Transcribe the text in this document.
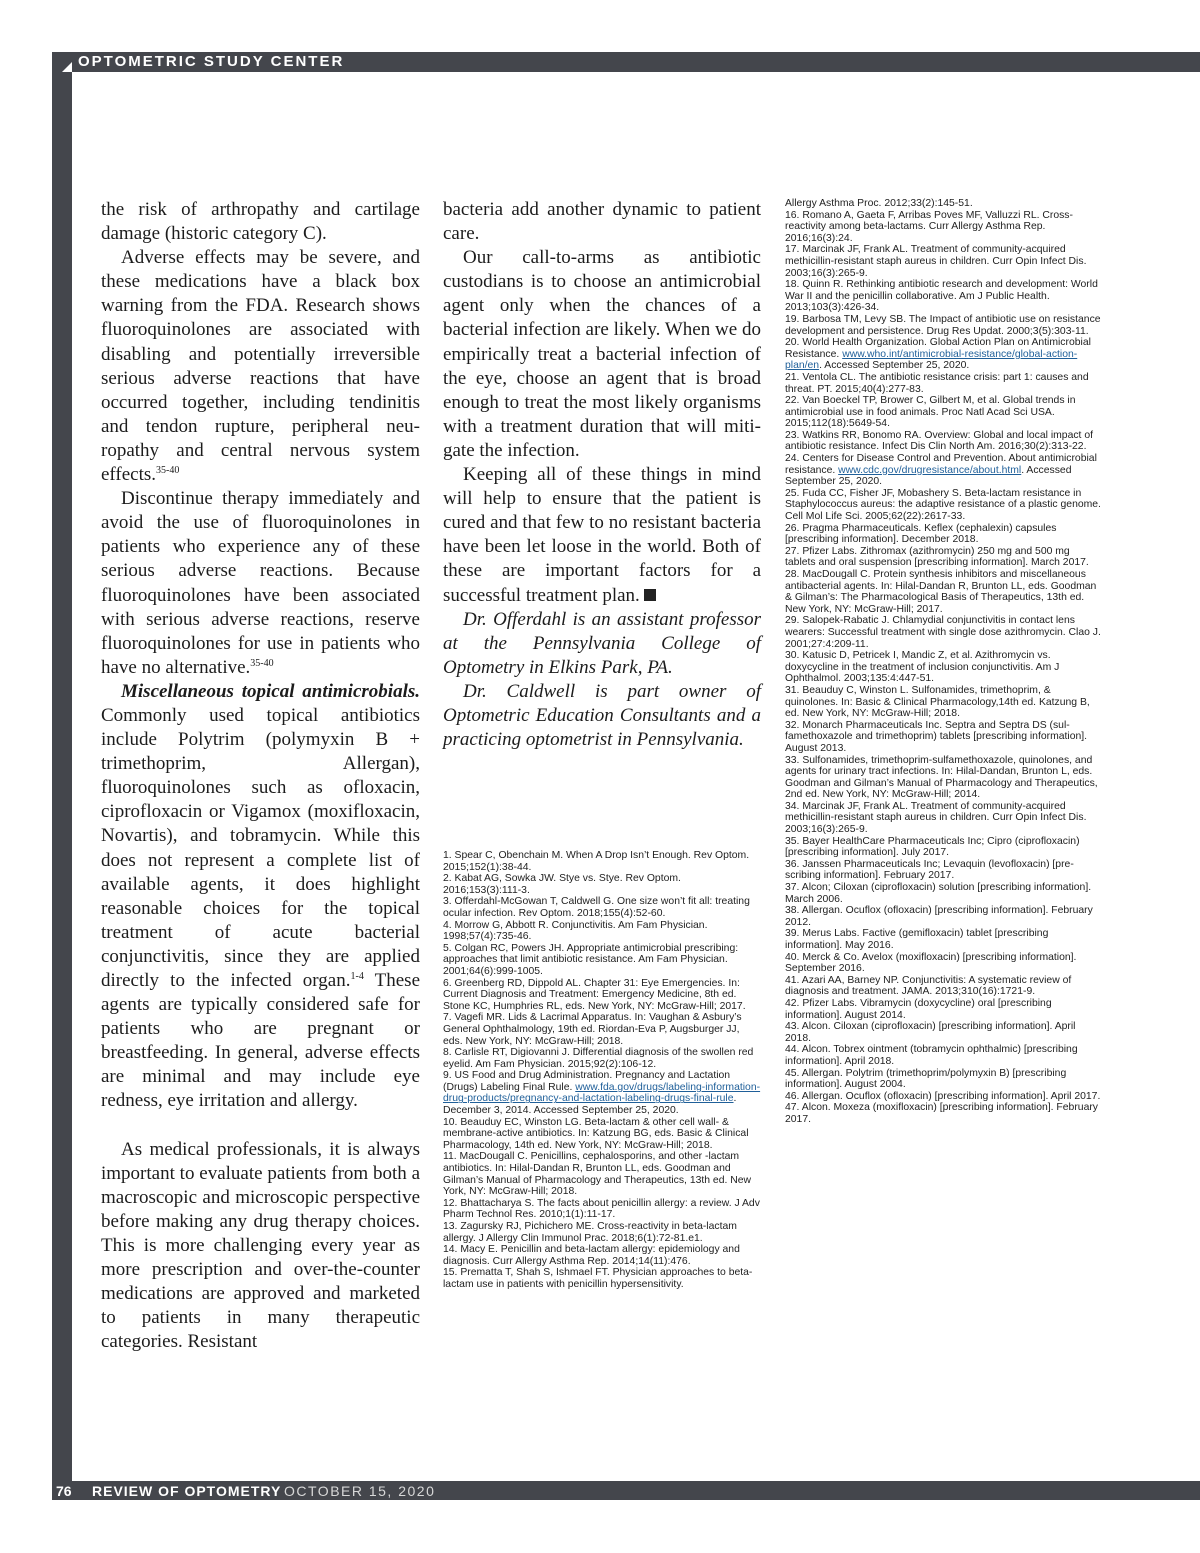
OPTOMETRIC STUDY CENTER

the risk of arthropathy and cartilage damage (historic category C).

Adverse effects may be severe, and these medications have a black box warning from the FDA. Research shows fluoroquinolones are associated with disabling and potentially irreversible serious adverse reactions that have occurred together, including tendinitis and tendon rupture, peripheral neuropathy and central nervous system effects.$^{35-40}$

Discontinue therapy immediately and avoid the use of fluoroquinolones in patients who experience any of these serious adverse reactions. Because fluoroquinolones have been associated with serious adverse reactions, reserve fluoroquinolones for use in patients who have no alternative.$^{35-40}$

Miscellaneous topical antimicrobials. Commonly used topical antibiotics include Polytrim (polymyxin B + trimethoprim, Allergan), fluoroquinolones such as ofloxacin, ciprofloxacin or Vigamox (moxifloxacin, Novartis), and tobramycin. While this does not represent a complete list of available agents, it does highlight reasonable choices for the topical treatment of acute bacterial conjunctivitis, since they are applied directly to the infected organ.$^{1-4}$ These agents are typically considered safe for patients who are pregnant or breastfeeding. In general, adverse effects are minimal and may include eye redness, eye irritation and allergy.

As medical professionals, it is always important to evaluate patients from both a macroscopic and microscopic perspective before making any drug therapy choices. This is more challenging every year as more prescription and over-the-counter medications are approved and marketed to patients in many therapeutic categories. Resistant

bacteria add another dynamic to patient care.

Our call-to-arms as antibiotic custodians is to choose an antimicrobial agent only when the chances of a bacterial infection are likely. When we do empirically treat a bacterial infection of the eye, choose an agent that is broad enough to treat the most likely organisms with a treatment duration that will mitigate the infection.

Keeping all of these things in mind will help to ensure that the patient is cured and that few to no resistant bacteria have been let loose in the world. Both of these are important factors for a successful treatment plan.

Dr. Offerdahl is an assistant professor at the Pennsylvania College of Optometry in Elkins Park, PA.

Dr. Caldwell is part owner of Optometric Education Consultants and a practicing optometrist in Pennsylvania.

1. Spear C, Obenchain M. When A Drop Isn’t Enough. Rev Optom. 2015;152(1):38-44.
2. Kabat AG, Sowka JW. Stye vs. Stye. Rev Optom. 2016;153(3):111-3.
3. Offerdahl-McGowan T, Caldwell G. One size won’t fit all: treating ocular infection. Rev Optom. 2018;155(4):52-60.
4. Morrow G, Abbott R. Conjunctivitis. Am Fam Physician. 1998;57(4):735-46.
5. Colgan RC, Powers JH. Appropriate antimicrobial prescribing: approaches that limit antibiotic resistance. Am Fam Physician. 2001;64(6):999-1005.
6. Greenberg RD, Dippold AL. Chapter 31: Eye Emergencies. In: Current Diagnosis and Treatment: Emergency Medicine, 8th ed. Stone KC, Humphries RL, eds. New York, NY: McGraw-Hill; 2017.
7. Vagefi MR. Lids & Lacrimal Apparatus. In: Vaughan & Asbury’s General Ophthalmology, 19th ed. Riordan-Eva P, Augsburger JJ, eds. New York, NY: McGraw-Hill; 2018.
8. Carlisle RT, Digiovanni J. Differential diagnosis of the swollen red eyelid. Am Fam Physician. 2015;92(2):106-12.
9. US Food and Drug Administration. Pregnancy and Lactation (Drugs) Labeling Final Rule. www.fda.gov/drugs/labeling-information-drug-products/pregnancy-and-lactation-labeling-drugs-final-rule. December 3, 2014. Accessed September 25, 2020.
10. Beauduy EC, Winston LG. Beta-lactam & other cell wall- & membrane-active antibiotics. In: Katzung BG, eds. Basic & Clinical Pharmacology, 14th ed. New York, NY: McGraw-Hill; 2018.
11. MacDougall C. Penicillins, cephalosporins, and other -lactam antibiotics. In: Hilal-Dandan R, Brunton LL, eds. Goodman and Gilman’s Manual of Pharmacology and Therapeutics, 13th ed. New York, NY: McGraw-Hill; 2018.
12. Bhattacharya S. The facts about penicillin allergy: a review. J Adv Pharm Technol Res. 2010;1(1):11-17.
13. Zagursky RJ, Pichichero ME. Cross-reactivity in beta-lactam allergy. J Allergy Clin Immunol Prac. 2018;6(1):72-81.e1.
14. Macy E. Penicillin and beta-lactam allergy: epidemiology and diagnosis. Curr Allergy Asthma Rep. 2014;14(11):476.
15. Prematta T, Shah S, Ishmael FT. Physician approaches to beta-lactam use in patients with penicillin hypersensitivity.
Allergy Asthma Proc. 2012;33(2):145-51.
16. Romano A, Gaeta F, Arribas Poves MF, Valluzzi RL. Cross-reactivity among beta-lactams. Curr Allergy Asthma Rep. 2016;16(3):24.
17. Marcinak JF, Frank AL. Treatment of community-acquired methicillin-resistant staph aureus in children. Curr Opin Infect Dis. 2003;16(3):265-9.
18. Quinn R. Rethinking antibiotic research and development: World War II and the penicillin collaborative. Am J Public Health. 2013;103(3):426-34.
19. Barbosa TM, Levy SB. The Impact of antibiotic use on resistance development and persistence. Drug Res Updat. 2000;3(5):303-11.
20. World Health Organization. Global Action Plan on Antimicrobial Resistance. www.who.int/antimicrobial-resistance/global-action-plan/en. Accessed September 25, 2020.
21. Ventola CL. The antibiotic resistance crisis: part 1: causes and threat. PT. 2015;40(4):277-83.
22. Van Boeckel TP, Brower C, Gilbert M, et al. Global trends in antimicrobial use in food animals. Proc Natl Acad Sci USA. 2015;112(18):5649-54.
23. Watkins RR, Bonomo RA. Overview: Global and local impact of antibiotic resistance. Infect Dis Clin North Am. 2016;30(2):313-22.
24. Centers for Disease Control and Prevention. About antimicrobial resistance. www.cdc.gov/drugresistance/about.html. Accessed September 25, 2020.
25. Fuda CC, Fisher JF, Mobashery S. Beta-lactam resistance in Staphylococcus aureus: the adaptive resistance of a plastic genome. Cell Mol Life Sci. 2005;62(22):2617-33.
26. Pragma Pharmaceuticals. Keflex (cephalexin) capsules [prescribing information]. December 2018.
27. Pfizer Labs. Zithromax (azithromycin) 250 mg and 500 mg tablets and oral suspension [prescribing information]. March 2017.
28. MacDougall C. Protein synthesis inhibitors and miscellaneous antibacterial agents. In: Hilal-Dandan R, Brunton LL, eds. Goodman & Gilman’s: The Pharmacological Basis of Therapeutics, 13th ed. New York, NY: McGraw-Hill; 2017.
29. Salopek-Rabatic J. Chlamydial conjunctivitis in contact lens wearers: Successful treatment with single dose azithromycin. Clao J. 2001;27:4:209-11.
30. Katusic D, Petricek I, Mandic Z, et al. Azithromycin vs. doxycycline in the treatment of inclusion conjunctivitis. Am J Ophthalmol. 2003;135:4:447-51.
31. Beauduy C, Winston L. Sulfonamides, trimethoprim, & quinolones. In: Basic & Clinical Pharmacology,14th ed. Katzung B, ed. New York, NY: McGraw-Hill; 2018.
32. Monarch Pharmaceuticals Inc. Septra and Septra DS (sulfamethoxazole and trimethoprim) tablets [prescribing information]. August 2013.
33. Sulfonamides, trimethoprim-sulfamethoxazole, quinolones, and agents for urinary tract infections. In: Hilal-Dandan, Brunton L, eds. Goodman and Gilman’s Manual of Pharmacology and Therapeutics, 2nd ed. New York, NY: McGraw-Hill; 2014.
34. Marcinak JF, Frank AL. Treatment of community-acquired methicillin-resistant staph aureus in children. Curr Opin Infect Dis. 2003;16(3):265-9.
35. Bayer HealthCare Pharmaceuticals Inc; Cipro (ciprofloxacin) [prescribing information]. July 2017.
36. Janssen Pharmaceuticals Inc; Levaquin (levofloxacin) [prescribing information]. February 2017.
37. Alcon; Ciloxan (ciprofloxacin) solution [prescribing information]. March 2006.
38. Allergan. Ocuflox (ofloxacin) [prescribing information]. February 2012.
39. Merus Labs. Factive (gemifloxacin) tablet [prescribing information]. May 2016.
40. Merck & Co. Avelox (moxifloxacin) [prescribing information]. September 2016.
41. Azari AA, Barney NP. Conjunctivitis: A systematic review of diagnosis and treatment. JAMA. 2013;310(16):1721-9.
42. Pfizer Labs. Vibramycin (doxycycline) oral [prescribing information]. August 2014.
43. Alcon. Ciloxan (ciprofloxacin) [prescribing information]. April 2018.
44. Alcon. Tobrex ointment (tobramycin ophthalmic) [prescribing information]. April 2018.
45. Allergan. Polytrim (trimethoprim/polymyxin B) [prescribing information]. August 2004.
46. Allergan. Ocuflox (ofloxacin) [prescribing information]. April 2017.
47. Alcon. Moxeza (moxifloxacin) [prescribing information]. February 2017.
76 REVIEW OF OPTOMETRY OCTOBER 15, 2020
